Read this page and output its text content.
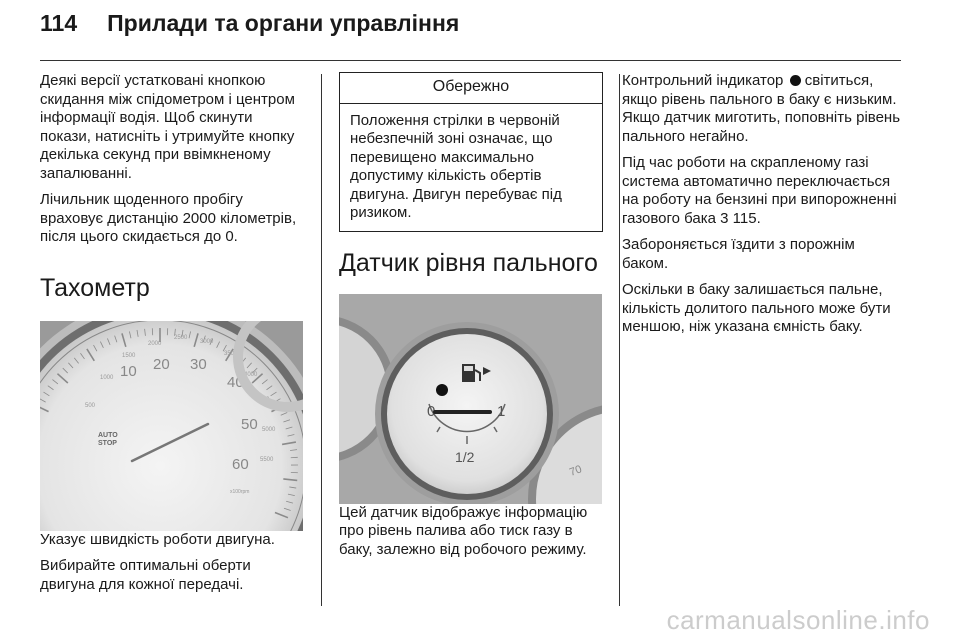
114 Прилади та органи управління

Деякі версії устатковані кнопкою скидання між спідометром і центром інформації водія. Щоб скинути покази, натисніть і утримуйте кнопку декілька секунд при ввімкненому запалюванні.

Лічильник щоденного пробігу враховує дистанцію 2000 кілометрів, після цього скидається до 0.

Тахометр
10 20 30
40
50
60
500
1000
1500
2000
2500
3000
3500
4000
4500
5000
5500
x100rpm
AUTO
STOP

Указує швидкість роботи двигуна.

Вибирайте оптимальні оберти двигуна для кожної передачі.

Обережно
Положення стрілки в червоній небезпечній зоні означає, що перевищено максимально допустиму кількість обертів двигуна. Двигун перебуває під ризиком.
Датчик рівня пального
70
0	1
1/2

Цей датчик відображує інформацію про рівень палива або тиск газу в баку, залежно від робочого режиму.

Контрольний індикатор світиться, якщо рівень пального в баку є низьким. Якщо датчик миготить, поповніть рівень пального негайно.

Під час роботи на скрапленому газі система автоматично переключається на роботу на бензині при випорожненні газового бака 3 115.

Забороняється їздити з порожнім баком.

Оскільки в баку залишається пальне, кількість долитого пального може бути меншою, ніж указана ємність баку.

carmanualsonline.info
